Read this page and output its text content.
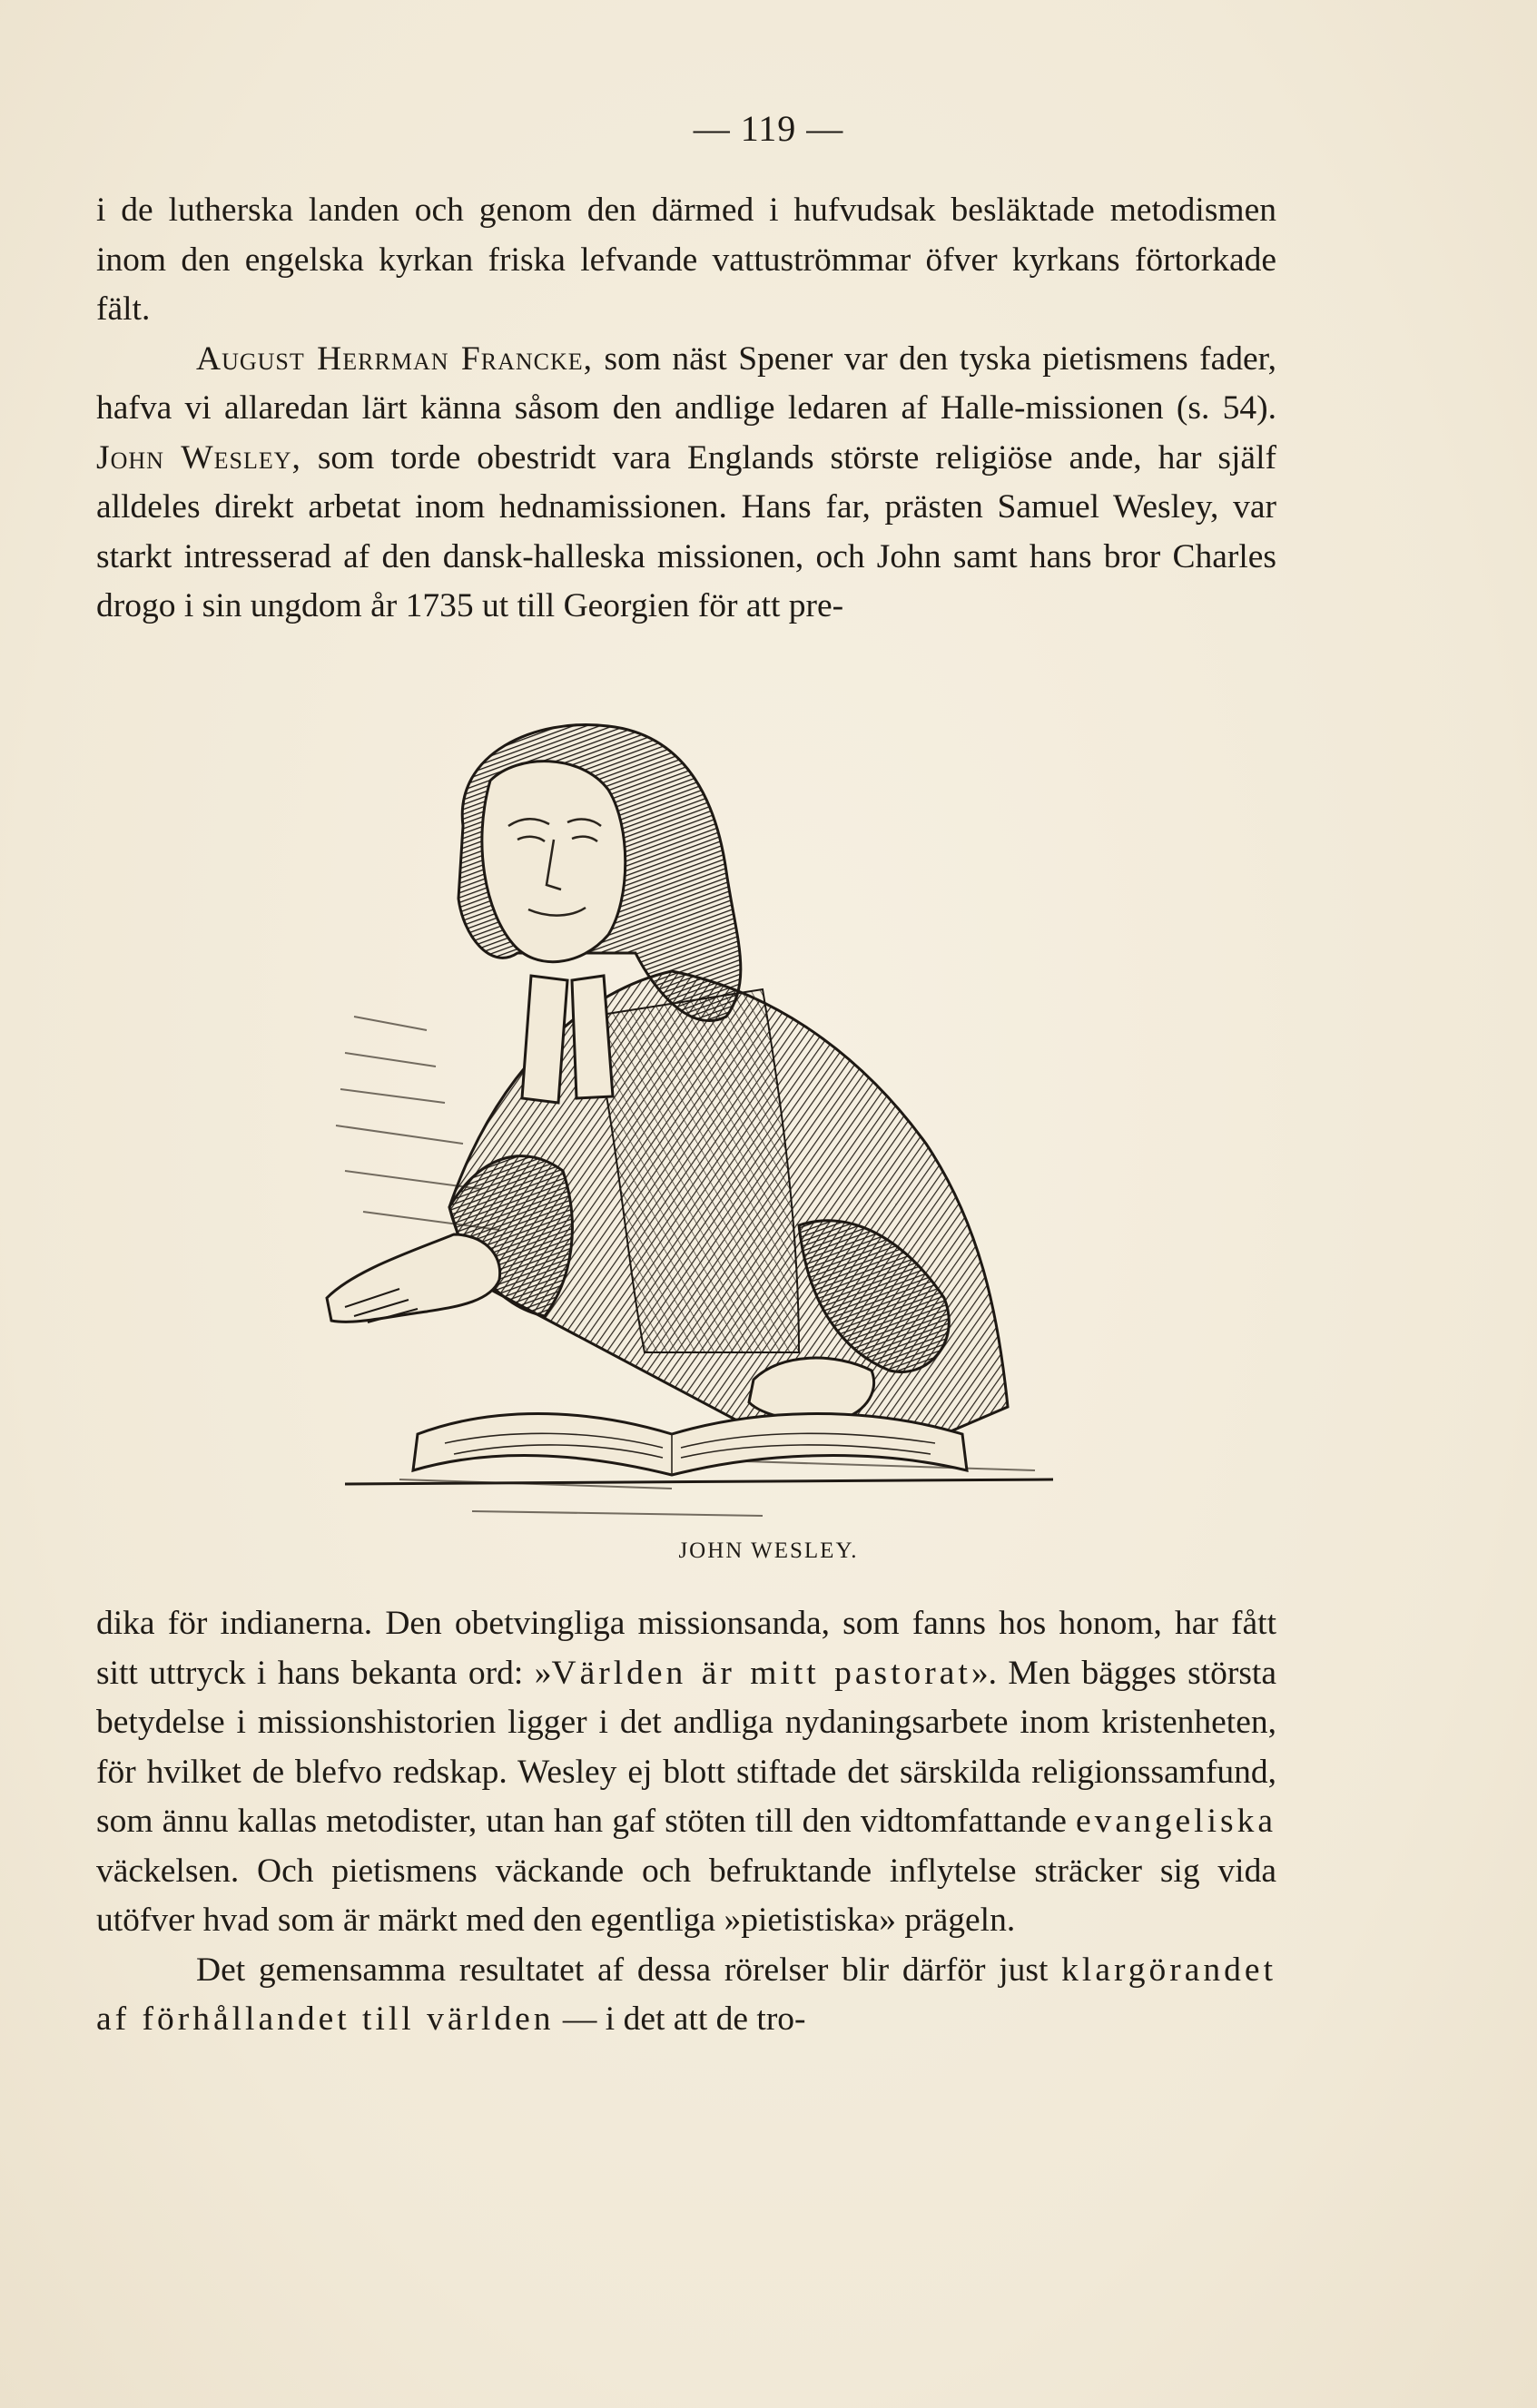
— 119 —

i de lutherska landen och genom den därmed i hufvudsak besläktade metodismen inom den engelska kyrkan friska lefvande vattuströmmar öfver kyrkans förtorkade fält.

August Herrman Francke, som näst Spener var den tyska pietismens fader, hafva vi allaredan lärt känna såsom den andlige ledaren af Halle-missionen (s. 54). John Wesley, som torde obestridt vara Englands störste religiöse ande, har själf alldeles direkt arbetat inom hednamissionen. Hans far, prästen Samuel Wesley, var starkt intresserad af den dansk-halleska missionen, och John samt hans bror Charles drogo i sin ungdom år 1735 ut till Georgien för att pre-

JOHN WESLEY.

dika för indianerna. Den obetvingliga missionsanda, som fanns hos honom, har fått sitt uttryck i hans bekanta ord: »Världen är mitt pastorat». Men bägges största betydelse i missionshistorien ligger i det andliga nydaningsarbete inom kristenheten, för hvilket de blefvo redskap. Wesley ej blott stiftade det särskilda religionssamfund, som ännu kallas metodister, utan han gaf stöten till den vidtomfattande evangeliska väckelsen. Och pietismens väckande och befruktande inflytelse sträcker sig vida utöfver hvad som är märkt med den egentliga »pietistiska» prägeln.

Det gemensamma resultatet af dessa rörelser blir därför just klargörandet af förhållandet till världen — i det att de tro-
